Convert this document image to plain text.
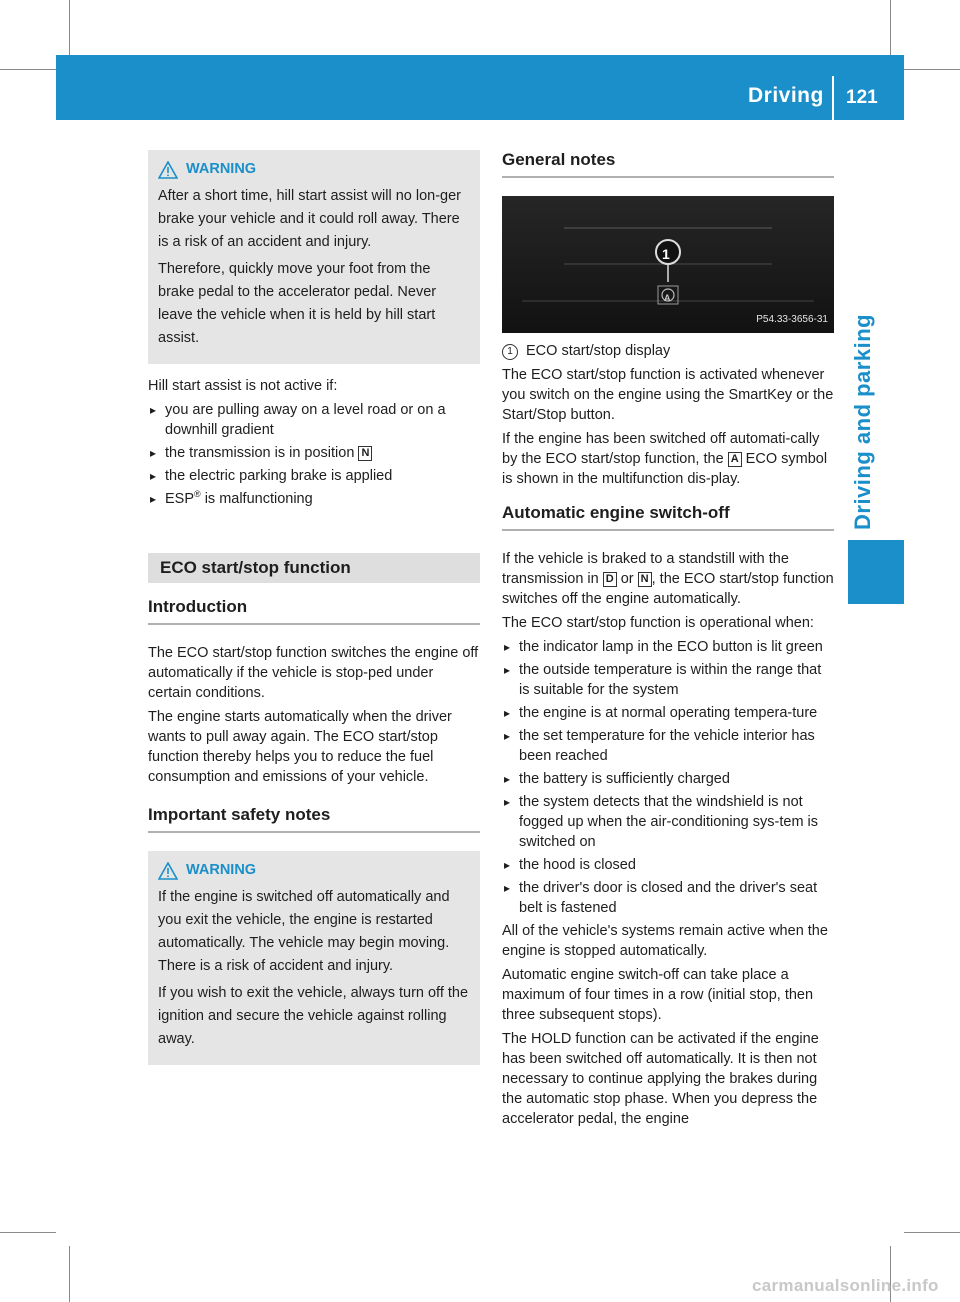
Driving 121
Driving and parking
WARNING

After a short time, hill start assist will no lon-ger brake your vehicle and it could roll away. There is a risk of an accident and injury.

Therefore, quickly move your foot from the brake pedal to the accelerator pedal. Never leave the vehicle when it is held by hill start assist.

Hill start assist is not active if:

▸ you are pulling away on a level road or on a downhill gradient
▸ the transmission is in position N
▸ the electric parking brake is applied
▸ ESP® is malfunctioning
ECO start/stop function
Introduction

The ECO start/stop function switches the engine off automatically if the vehicle is stop-ped under certain conditions.

The engine starts automatically when the driver wants to pull away again. The ECO start/stop function thereby helps you to reduce the fuel consumption and emissions of your vehicle.

Important safety notes
WARNING

If the engine is switched off automatically and you exit the vehicle, the engine is restarted automatically. The vehicle may begin moving. There is a risk of accident and injury.

If you wish to exit the vehicle, always turn off the ignition and secure the vehicle against rolling away.

General notes
1
A
P54.33-3656-31

1 ECO start/stop display

The ECO start/stop function is activated whenever you switch on the engine using the SmartKey or the Start/Stop button.

If the engine has been switched off automati-cally by the ECO start/stop function, the A ECO symbol is shown in the multifunction dis-play.

Automatic engine switch-off

If the vehicle is braked to a standstill with the transmission in D or N , the ECO start/stop function switches off the engine automatically.

The ECO start/stop function is operational when:

▸ the indicator lamp in the ECO button is lit green
▸ the outside temperature is within the range that is suitable for the system
▸ the engine is at normal operating tempera-ture
▸ the set temperature for the vehicle interior has been reached
▸ the battery is sufficiently charged
▸ the system detects that the windshield is not fogged up when the air-conditioning sys-tem is switched on
▸ the hood is closed
▸ the driver's door is closed and the driver's seat belt is fastened

All of the vehicle's systems remain active when the engine is stopped automatically.

Automatic engine switch-off can take place a maximum of four times in a row (initial stop, then three subsequent stops).

The HOLD function can be activated if the engine has been switched off automatically. It is then not necessary to continue applying the brakes during the automatic stop phase. When you depress the accelerator pedal, the engine

carmanualsonline.info
